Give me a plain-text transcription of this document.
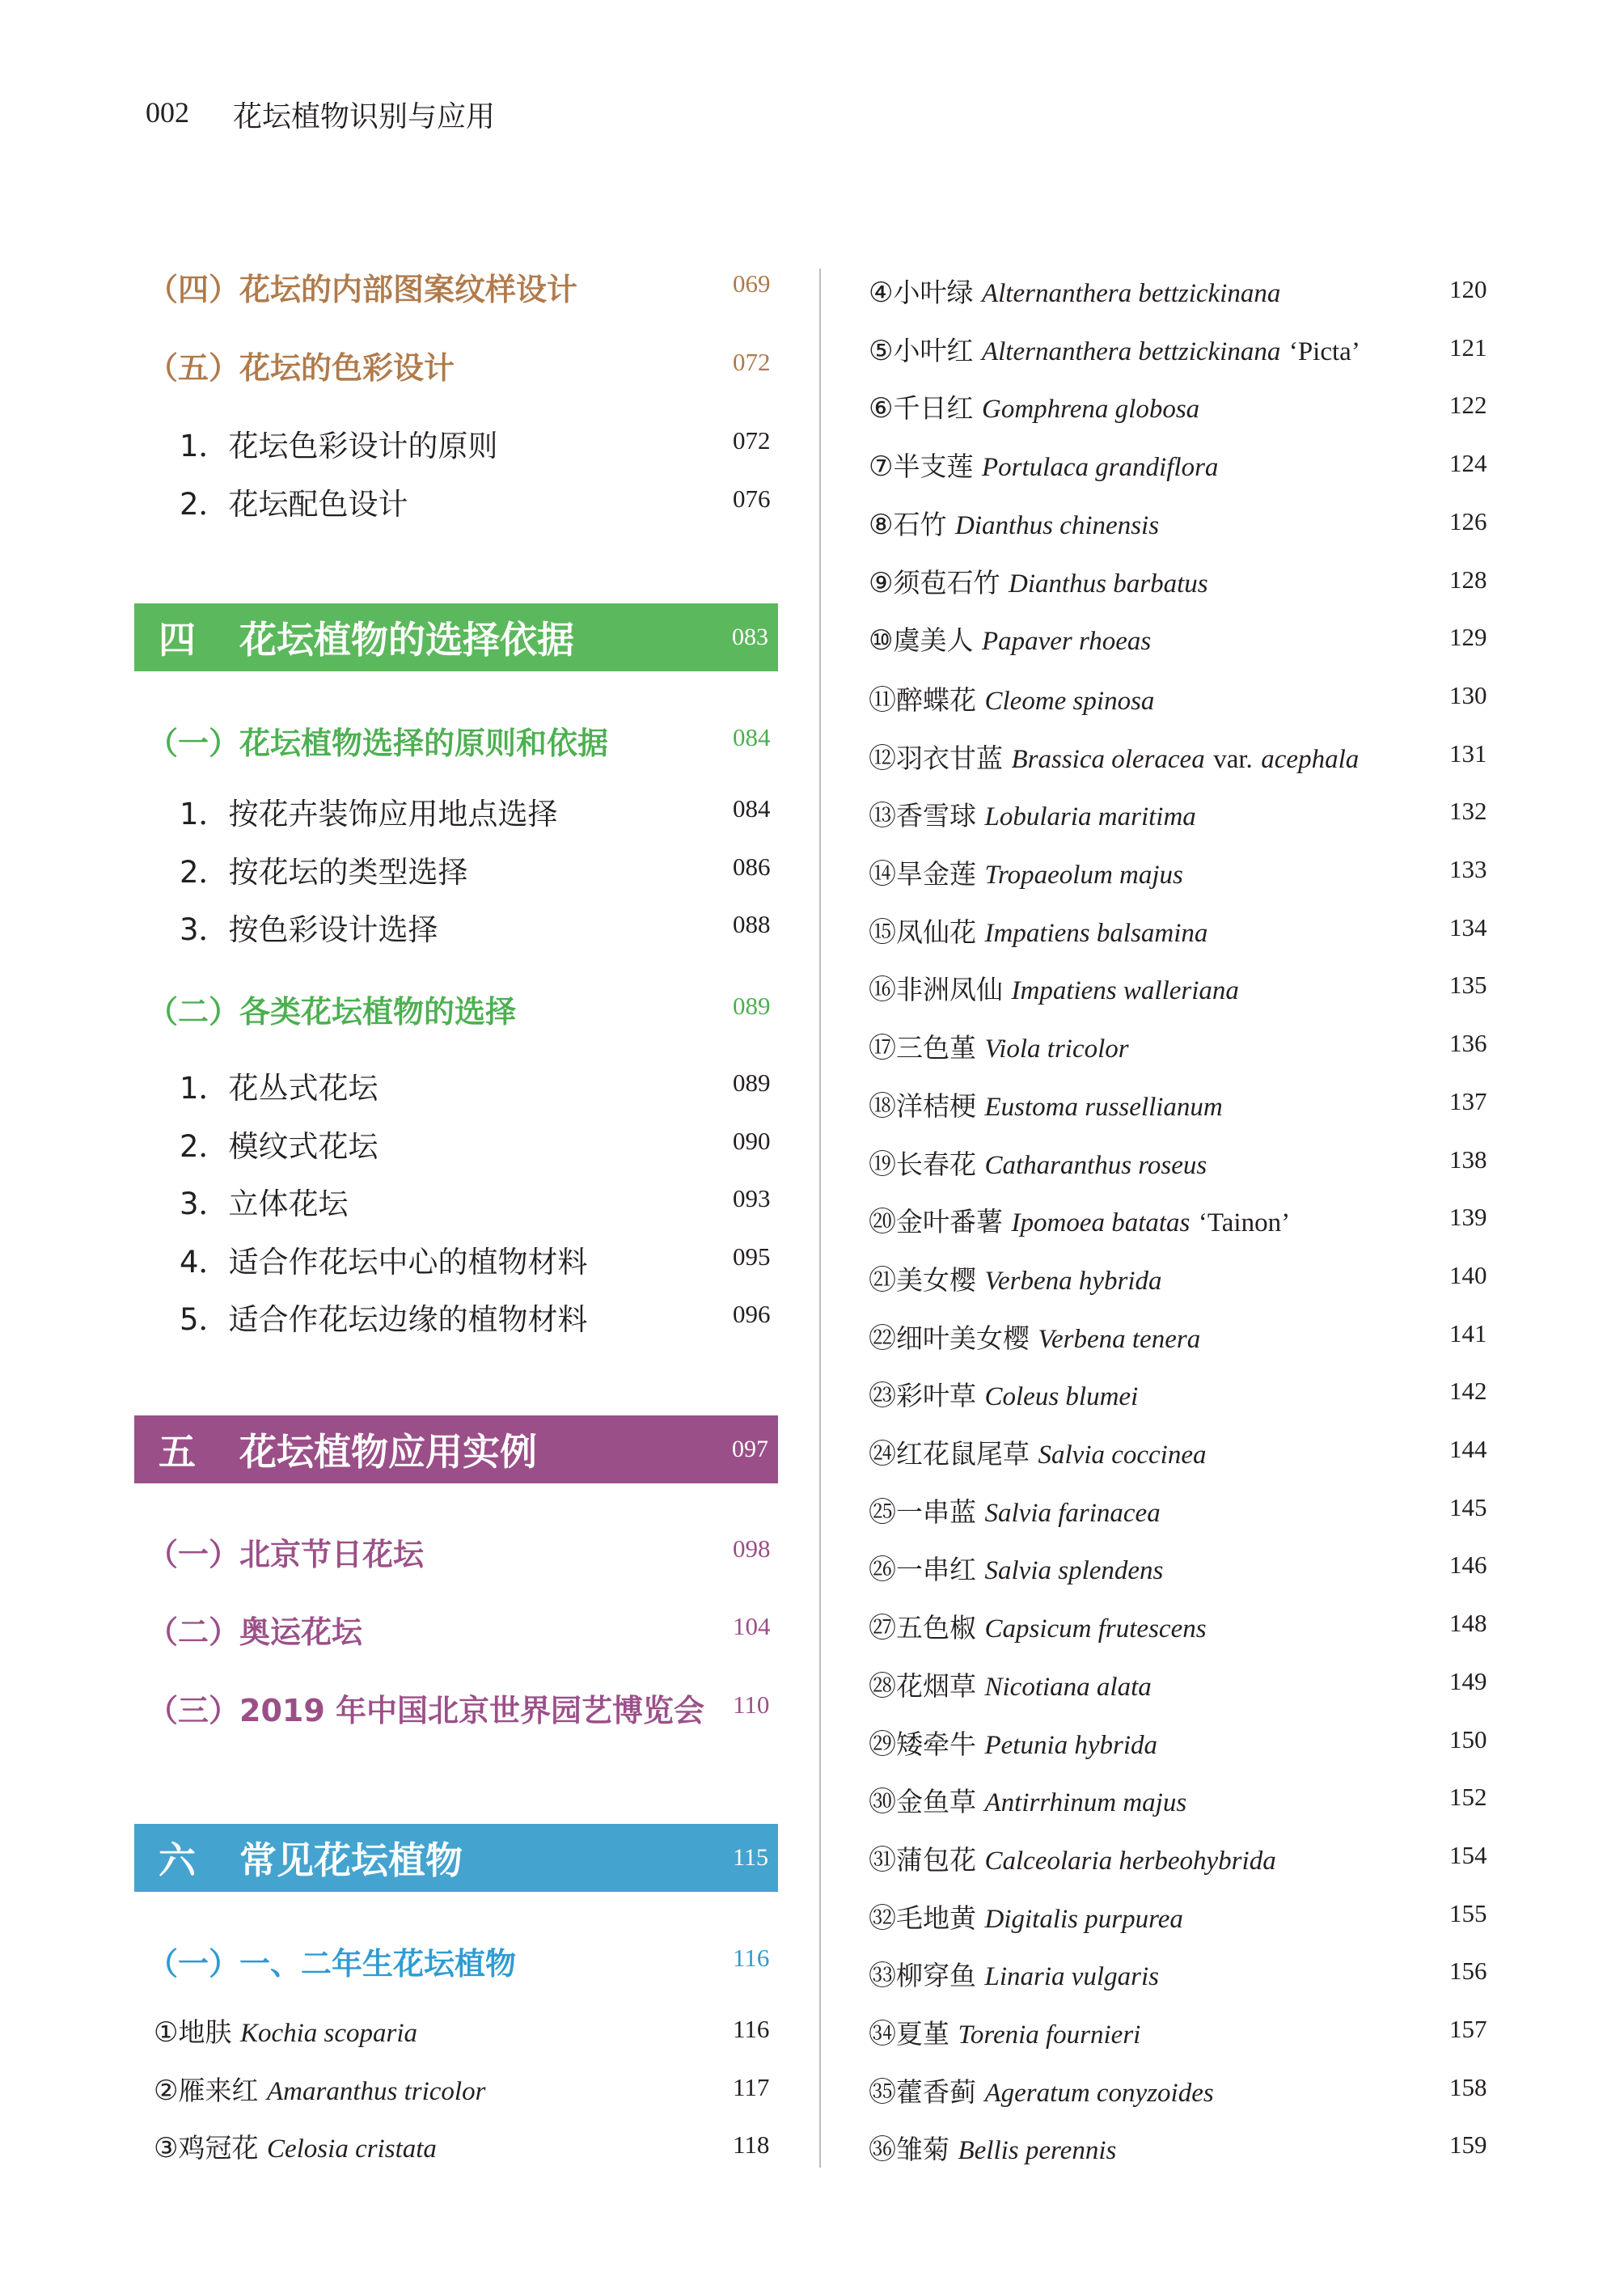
002 花坛植物识别与应用
（四）花坛的内部图案纹样设计	069
（五）花坛的色彩设计	072
1．花坛色彩设计的原则	072
2．花坛配色设计	076
四 花坛植物的选择依据	083
（一）花坛植物选择的原则和依据	084
1．按花卉装饰应用地点选择	084
2．按花坛的类型选择	086
3．按色彩设计选择	088
（二）各类花坛植物的选择	089
1．花丛式花坛	089
2．模纹式花坛	090
3．立体花坛	093
4．适合作花坛中心的植物材料	095
5．适合作花坛边缘的植物材料	096
五 花坛植物应用实例	097
（一）北京节日花坛	098
（二）奥运花坛	104
（三）2019 年中国北京世界园艺博览会 110
六 常见花坛植物	115
（一）一、二年生花坛植物	116
①地肤 Kochia scoparia	116
②雁来红 Amaranthus tricolor	117
③鸡冠花 Celosia cristata	118
④小叶绿 Alternanthera bettzickinana	120
⑤小叶红 Alternanthera bettzickinana ‘Picta’	121
⑥千日红 Gomphrena globosa	122
⑦半支莲 Portulaca grandiflora	124
⑧石竹 Dianthus chinensis	126
⑨须苞石竹 Dianthus barbatus	128
⑩虞美人 Papaver rhoeas	129
⑪醉蝶花 Cleome spinosa	130
⑫羽衣甘蓝 Brassica oleracea var. acephala	131
⑬香雪球 Lobularia maritima	132
⑭旱金莲 Tropaeolum majus	133
⑮凤仙花 Impatiens balsamina	134
⑯非洲凤仙 Impatiens walleriana	135
⑰三色堇 Viola tricolor	136
⑱洋桔梗 Eustoma russellianum	137
⑲长春花 Catharanthus roseus	138
⑳金叶番薯 Ipomoea batatas ‘Tainon’	139
㉑美女樱 Verbena hybrida	140
㉒细叶美女樱 Verbena tenera	141
㉓彩叶草 Coleus blumei	142
㉔红花鼠尾草 Salvia coccinea	144
㉕一串蓝 Salvia farinacea	145
㉖一串红 Salvia splendens	146
㉗五色椒 Capsicum frutescens	148
㉘花烟草 Nicotiana alata	149
㉙矮牵牛 Petunia hybrida	150
㉚金鱼草 Antirrhinum majus	152
㉛蒲包花 Calceolaria herbeohybrida	154
㉜毛地黄 Digitalis purpurea	155
㉝柳穿鱼 Linaria vulgaris	156
㉞夏堇 Torenia fournieri	157
㉟藿香蓟 Ageratum conyzoides	158
㊱雏菊 Bellis perennis	159
